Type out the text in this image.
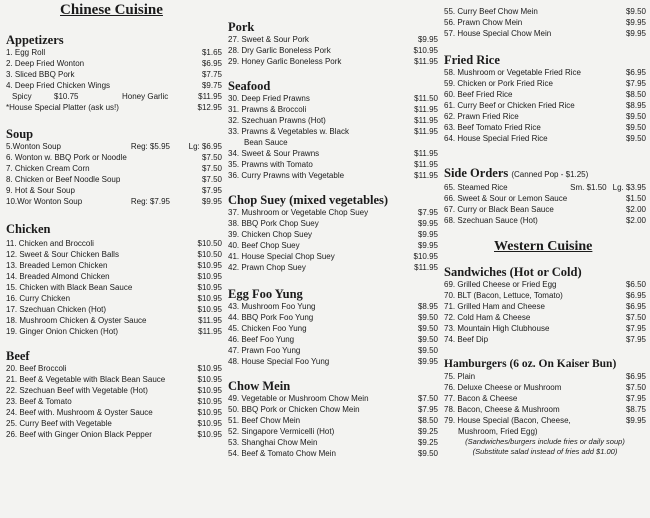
Chinese Cuisine
Appetizers
1. Egg Roll	$1.65
2. Deep Fried Wonton	$6.95
3. Sliced BBQ Pork	$7.75
4. Deep Fried Chicken Wings	$9.75
Spicy	$10.75	Honey Garlic	$11.95
*House Special Platter (ask us!)	$12.95
Soup
5.Wonton Soup	Reg: $5.95	Lg: $6.95
6. Wonton w. BBQ Pork or Noodle	$7.50
7. Chicken Cream Corn	$7.50
8. Chicken or Beef Noodle Soup	$7.50
9. Hot & Sour Soup	$7.95
10.Wor Wonton Soup	Reg: $7.95	$9.95
Chicken
11. Chicken and Broccoli	$10.50
12. Sweet & Sour Chicken Balls	$10.50
13. Breaded Lemon Chicken	$10.95
14. Breaded Almond Chicken	$10.95
15. Chicken with Black Bean Sauce	$10.95
16. Curry Chicken	$10.95
17. Szechuan Chicken (Hot)	$10.95
18. Mushroom Chicken & Oyster Sauce	$11.95
19. Ginger Onion Chicken (Hot)	$11.95
Beef
20. Beef Broccoli	$10.95
21. Beef & Vegetable with Black Bean Sauce	$10.95
22. Szechuan Beef with Vegetable (Hot)	$10.95
23. Beef & Tomato	$10.95
24. Beef with. Mushroom & Oyster Sauce	$10.95
25. Curry Beef with Vegetable	$10.95
26. Beef with Ginger Onion Black Pepper	$10.95
Pork
27. Sweet & Sour Pork	$9.95
28. Dry Garlic Boneless Pork	$10.95
29. Honey Garlic Boneless Pork	$11.95
Seafood
30. Deep Fried Prawns	$11.50
31. Prawns & Broccoli	$11.95
32. Szechuan Prawns (Hot)	$11.95
33. Prawns & Vegetables w. Black	$11.95
Bean Sauce
34. Sweet & Sour Prawns	$11.95
35. Prawns with Tomato	$11.95
36. Curry Prawns with Vegetable	$11.95
Chop Suey (mixed vegetables)
37. Mushroom or Vegetable Chop Suey	$7.95
38. BBQ Pork Chop Suey	$9.95
39. Chicken Chop Suey	$9.95
40. Beef Chop Suey	$9.95
41. House Special Chop Suey	$10.95
42. Prawn Chop Suey	$11.95
Egg Foo Yung
43. Mushroom Foo Yung	$8.95
44. BBQ Pork Foo Yung	$9.50
45. Chicken Foo Yung	$9.50
46. Beef Foo Yung	$9.50
47. Prawn Foo Yung	$9.50
48. House Special Foo Yung	$9.95
Chow Mein
49. Vegetable or Mushroom Chow Mein	$7.50
50. BBQ Pork or Chicken Chow Mein	$7.95
51. Beef Chow Mein	$8.50
52. Singapore Vermicelli (Hot)	$9.25
53. Shanghai Chow Mein	$9.25
54. Beef & Tomato Chow Mein	$9.50
55. Curry Beef Chow Mein	$9.50
56. Prawn Chow Mein	$9.95
57. House Special Chow Mein	$9.95
Fried Rice
58. Mushroom or Vegetable Fried Rice	$6.95
59. Chicken or Pork Fried Rice	$7.95
60. Beef Fried Rice	$8.50
61. Curry Beef or Chicken Fried Rice	$8.95
62. Prawn Fried Rice	$9.50
63. Beef Tomato Fried Rice	$9.50
64. House Special Fried Rice	$9.50
Side Orders (Canned Pop - $1.25)
65. Steamed Rice	Sm. $1.50 Lg. $3.95
66. Sweet & Sour or Lemon Sauce	$1.50
67. Curry or Black Bean Sauce	$2.00
68. Szechuan Sauce (Hot)	$2.00
Western Cuisine
Sandwiches (Hot or Cold)
69. Grilled Cheese or Fried Egg	$6.50
70. BLT (Bacon, Lettuce, Tomato)	$6.95
71. Grilled Ham and Cheese	$6.95
72. Cold Ham & Cheese	$7.50
73. Mountain High Clubhouse	$7.95
74. Beef Dip	$7.95
Hamburgers (6 oz. On Kaiser Bun)
75. Plain	$6.95
76. Deluxe Cheese or Mushroom	$7.50
77. Bacon & Cheese	$7.95
78. Bacon, Cheese & Mushroom	$8.75
79. House Special (Bacon, Cheese,	$9.95
Mushroom, Fried Egg)
(Sandwiches/burgers include fries or daily soup)
(Substitute salad instead of fries add $1.00)
